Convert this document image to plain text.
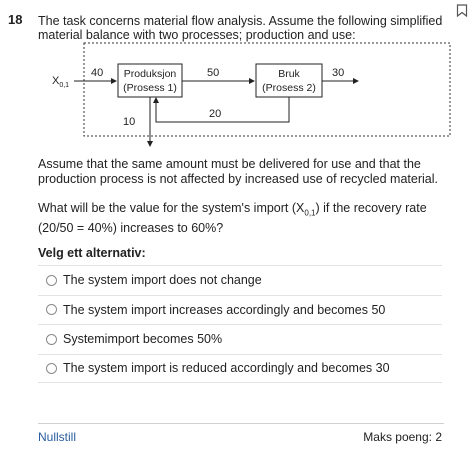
18 The task concerns material flow analysis. Assume the following simplified material balance with two processes; production and use:
$X_{0,1}$
40 Produksjon
(Prosess 1)
50	Bruk
(Prosess 2)
30
20
10
Assume that the same amount must be delivered for use and that the production process is not affected by increased use of recycled material.
What will be the value for the system's import $(X_{0,1})$ if the recovery rate (20/50 = 40%) increases to 60%?
Velg ett alternativ:
The system import does not change
The system import increases accordingly and becomes 50
Systemimport becomes 50%
The system import is reduced accordingly and becomes 30
Nullstill	Maks poeng: 2
